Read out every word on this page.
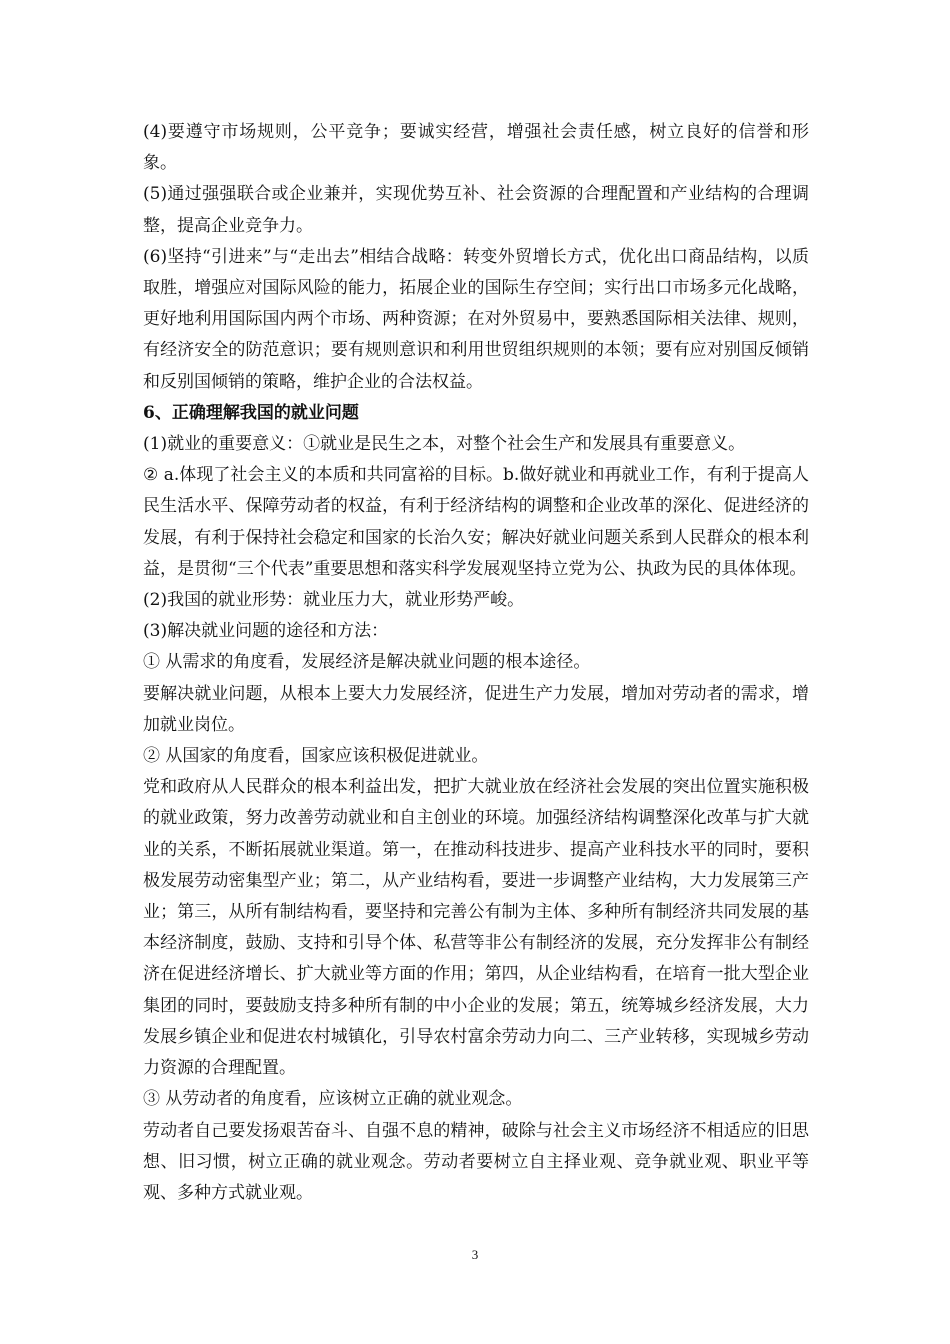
(4)要遵守市场规则，公平竞争；要诚实经营，增强社会责任感，树立良好的信誉和形象。

(5)通过强强联合或企业兼并，实现优势互补、社会资源的合理配置和产业结构的合理调整，提高企业竞争力。

(6)坚持“引进来”与“走出去”相结合战略：转变外贸增长方式，优化出口商品结构，以质取胜，增强应对国际风险的能力，拓展企业的国际生存空间；实行出口市场多元化战略，更好地利用国际国内两个市场、两种资源；在对外贸易中，要熟悉国际相关法律、规则，有经济安全的防范意识；要有规则意识和利用世贸组织规则的本领；要有应对别国反倾销和反别国倾销的策略，维护企业的合法权益。

6、正确理解我国的就业问题

(1)就业的重要意义：①就业是民生之本，对整个社会生产和发展具有重要意义。

② a.体现了社会主义的本质和共同富裕的目标。b.做好就业和再就业工作，有利于提高人民生活水平、保障劳动者的权益，有利于经济结构的调整和企业改革的深化、促进经济的发展，有利于保持社会稳定和国家的长治久安；解决好就业问题关系到人民群众的根本利益，是贯彻“三个代表”重要思想和落实科学发展观坚持立党为公、执政为民的具体体现。

(2)我国的就业形势：就业压力大，就业形势严峻。

(3)解决就业问题的途径和方法：

① 从需求的角度看，发展经济是解决就业问题的根本途径。

要解决就业问题，从根本上要大力发展经济，促进生产力发展，增加对劳动者的需求，增加就业岗位。

② 从国家的角度看，国家应该积极促进就业。

党和政府从人民群众的根本利益出发，把扩大就业放在经济社会发展的突出位置实施积极的就业政策，努力改善劳动就业和自主创业的环境。加强经济结构调整深化改革与扩大就业的关系，不断拓展就业渠道。第一，在推动科技进步、提高产业科技水平的同时，要积极发展劳动密集型产业；第二，从产业结构看，要进一步调整产业结构，大力发展第三产业；第三，从所有制结构看，要坚持和完善公有制为主体、多种所有制经济共同发展的基本经济制度，鼓励、支持和引导个体、私营等非公有制经济的发展，充分发挥非公有制经济在促进经济增长、扩大就业等方面的作用；第四，从企业结构看，在培育一批大型企业集团的同时，要鼓励支持多种所有制的中小企业的发展；第五，统筹城乡经济发展，大力发展乡镇企业和促进农村城镇化，引导农村富余劳动力向二、三产业转移，实现城乡劳动力资源的合理配置。

③ 从劳动者的角度看，应该树立正确的就业观念。

劳动者自己要发扬艰苦奋斗、自强不息的精神，破除与社会主义市场经济不相适应的旧思想、旧习惯，树立正确的就业观念。劳动者要树立自主择业观、竞争就业观、职业平等观、多种方式就业观。

3
